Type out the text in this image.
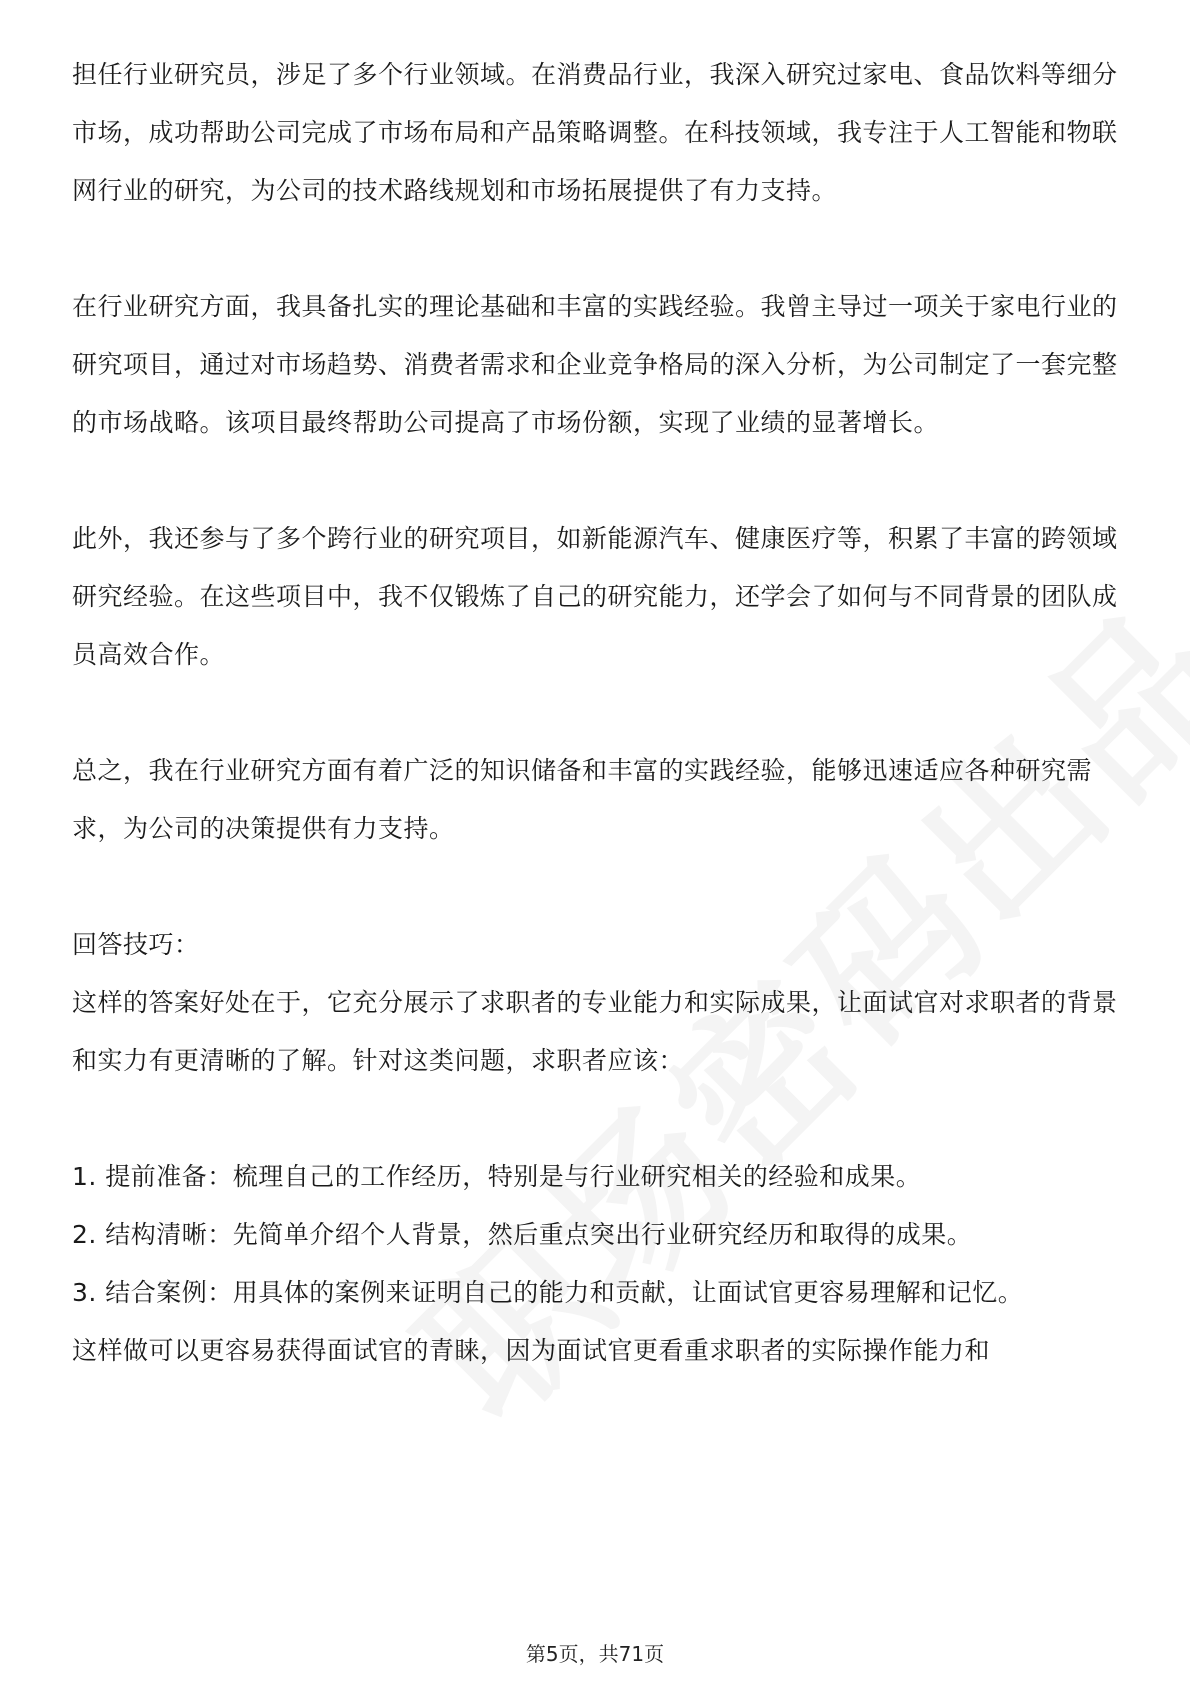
担任行业研究员，涉足了多个行业领域。在消费品行业，我深入研究过家电、食品饮料等细分市场，成功帮助公司完成了市场布局和产品策略调整。在科技领域，我专注于人工智能和物联网行业的研究，为公司的技术路线规划和市场拓展提供了有力支持。

在行业研究方面，我具备扎实的理论基础和丰富的实践经验。我曾主导过一项关于家电行业的研究项目，通过对市场趋势、消费者需求和企业竞争格局的深入分析，为公司制定了一套完整的市场战略。该项目最终帮助公司提高了市场份额，实现了业绩的显著增长。

此外，我还参与了多个跨行业的研究项目，如新能源汽车、健康医疗等，积累了丰富的跨领域研究经验。在这些项目中，我不仅锻炼了自己的研究能力，还学会了如何与不同背景的团队成员高效合作。

总之，我在行业研究方面有着广泛的知识储备和丰富的实践经验，能够迅速适应各种研究需求，为公司的决策提供有力支持。

回答技巧：

这样的答案好处在于，它充分展示了求职者的专业能力和实际成果，让面试官对求职者的背景和实力有更清晰的了解。针对这类问题，求职者应该：

1. 提前准备：梳理自己的工作经历，特别是与行业研究相关的经验和成果。

2. 结构清晰：先简单介绍个人背景，然后重点突出行业研究经历和取得的成果。

3. 结合案例：用具体的案例来证明自己的能力和贡献，让面试官更容易理解和记忆。

这样做可以更容易获得面试官的青睐，因为面试官更看重求职者的实际操作能力和

第5页，共71页
